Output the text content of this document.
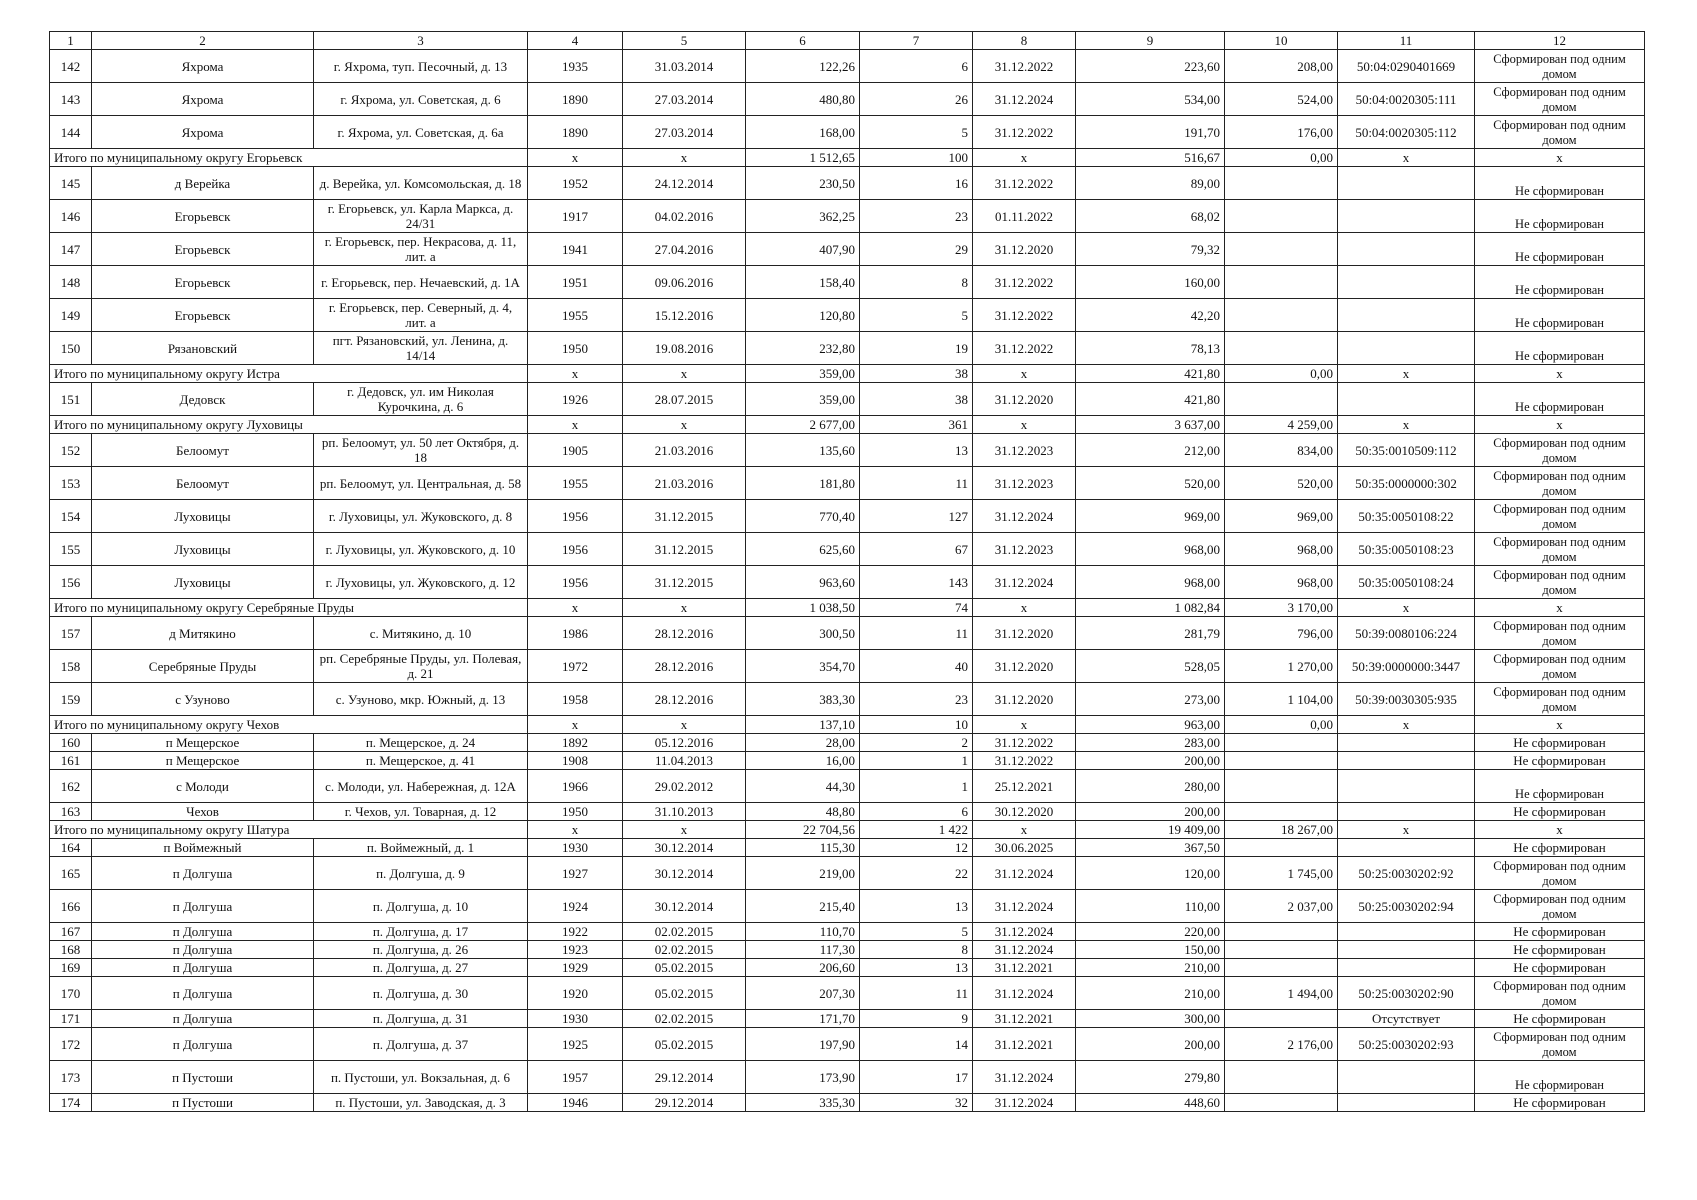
1	2	3	4	5	6	7	8	9	10	11	12
142	Яхрома	г. Яхрома, туп. Песочный, д. 13	1935	31.03.2014	122,26	6	31.12.2022	223,60	208,00	50:04:0290401669	Сформирован под одним домом
143	Яхрома	г. Яхрома, ул. Советская, д. 6	1890	27.03.2014	480,80	26	31.12.2024	534,00	524,00	50:04:0020305:111	Сформирован под одним домом
144	Яхрома	г. Яхрома, ул. Советская, д. 6а	1890	27.03.2014	168,00	5	31.12.2022	191,70	176,00	50:04:0020305:112	Сформирован под одним домом
Итого по муниципальному округу Егорьевск			x	x	1 512,65	100	x	516,67	0,00	x	x
145	д Верейка	д. Верейка, ул. Комсомольская, д. 18	1952	24.12.2014	230,50	16	31.12.2022	89,00			Не сформирован
146	Егорьевск	г. Егорьевск, ул. Карла Маркса, д. 24/31	1917	04.02.2016	362,25	23	01.11.2022	68,02			Не сформирован
147	Егорьевск	г. Егорьевск, пер. Некрасова, д. 11, лит. а	1941	27.04.2016	407,90	29	31.12.2020	79,32			Не сформирован
148	Егорьевск	г. Егорьевск, пер. Нечаевский, д. 1А	1951	09.06.2016	158,40	8	31.12.2022	160,00			Не сформирован
149	Егорьевск	г. Егорьевск, пер. Северный, д. 4, лит. а	1955	15.12.2016	120,80	5	31.12.2022	42,20			Не сформирован
150	Рязановский	пгт. Рязановский, ул. Ленина, д. 14/14	1950	19.08.2016	232,80	19	31.12.2022	78,13			Не сформирован
Итого по муниципальному округу Истра			x	x	359,00	38	x	421,80	0,00	x	x
151	Дедовск	г. Дедовск, ул. им Николая Курочкина, д. 6	1926	28.07.2015	359,00	38	31.12.2020	421,80			Не сформирован
Итого по муниципальному округу Луховицы			x	x	2 677,00	361	x	3 637,00	4 259,00	x	x
152	Белоомут	рп. Белоомут, ул. 50 лет Октября, д. 18	1905	21.03.2016	135,60	13	31.12.2023	212,00	834,00	50:35:0010509:112	Сформирован под одним домом
153	Белоомут	рп. Белоомут, ул. Центральная, д. 58	1955	21.03.2016	181,80	11	31.12.2023	520,00	520,00	50:35:0000000:302	Сформирован под одним домом
154	Луховицы	г. Луховицы, ул. Жуковского, д. 8	1956	31.12.2015	770,40	127	31.12.2024	969,00	969,00	50:35:0050108:22	Сформирован под одним домом
155	Луховицы	г. Луховицы, ул. Жуковского, д. 10	1956	31.12.2015	625,60	67	31.12.2023	968,00	968,00	50:35:0050108:23	Сформирован под одним домом
156	Луховицы	г. Луховицы, ул. Жуковского, д. 12	1956	31.12.2015	963,60	143	31.12.2024	968,00	968,00	50:35:0050108:24	Сформирован под одним домом
Итого по муниципальному округу Серебряные Пруды			x	x	1 038,50	74	x	1 082,84	3 170,00	x	x
157	д Митякино	с. Митякино, д. 10	1986	28.12.2016	300,50	11	31.12.2020	281,79	796,00	50:39:0080106:224	Сформирован под одним домом
158	Серебряные Пруды	рп. Серебряные Пруды, ул. Полевая, д. 21	1972	28.12.2016	354,70	40	31.12.2020	528,05	1 270,00	50:39:0000000:3447	Сформирован под одним домом
159	с Узуново	с. Узуново, мкр. Южный, д. 13	1958	28.12.2016	383,30	23	31.12.2020	273,00	1 104,00	50:39:0030305:935	Сформирован под одним домом
Итого по муниципальному округу Чехов			x	x	137,10	10	x	963,00	0,00	x	x
160	п Мещерское	п. Мещерское, д. 24	1892	05.12.2016	28,00	2	31.12.2022	283,00			Не сформирован
161	п Мещерское	п. Мещерское, д. 41	1908	11.04.2013	16,00	1	31.12.2022	200,00			Не сформирован
162	с Молоди	с. Молоди, ул. Набережная, д. 12А	1966	29.02.2012	44,30	1	25.12.2021	280,00			Не сформирован
163	Чехов	г. Чехов, ул. Товарная, д. 12	1950	31.10.2013	48,80	6	30.12.2020	200,00			Не сформирован
Итого по муниципальному округу Шатура			x	x	22 704,56	1 422	x	19 409,00	18 267,00	x	x
164	п Воймежный	п. Воймежный, д. 1	1930	30.12.2014	115,30	12	30.06.2025	367,50			Не сформирован
165	п Долгуша	п. Долгуша, д. 9	1927	30.12.2014	219,00	22	31.12.2024	120,00	1 745,00	50:25:0030202:92	Сформирован под одним домом
166	п Долгуша	п. Долгуша, д. 10	1924	30.12.2014	215,40	13	31.12.2024	110,00	2 037,00	50:25:0030202:94	Сформирован под одним домом
167	п Долгуша	п. Долгуша, д. 17	1922	02.02.2015	110,70	5	31.12.2024	220,00			Не сформирован
168	п Долгуша	п. Долгуша, д. 26	1923	02.02.2015	117,30	8	31.12.2024	150,00			Не сформирован
169	п Долгуша	п. Долгуша, д. 27	1929	05.02.2015	206,60	13	31.12.2021	210,00			Не сформирован
170	п Долгуша	п. Долгуша, д. 30	1920	05.02.2015	207,30	11	31.12.2024	210,00	1 494,00	50:25:0030202:90	Сформирован под одним домом
171	п Долгуша	п. Долгуша, д. 31	1930	02.02.2015	171,70	9	31.12.2021	300,00		Отсутствует	Не сформирован
172	п Долгуша	п. Долгуша, д. 37	1925	05.02.2015	197,90	14	31.12.2021	200,00	2 176,00	50:25:0030202:93	Сформирован под одним домом
173	п Пустоши	п. Пустоши, ул. Вокзальная, д. 6	1957	29.12.2014	173,90	17	31.12.2024	279,80			Не сформирован
174	п Пустоши	п. Пустоши, ул. Заводская, д. 3	1946	29.12.2014	335,30	32	31.12.2024	448,60			Не сформирован
